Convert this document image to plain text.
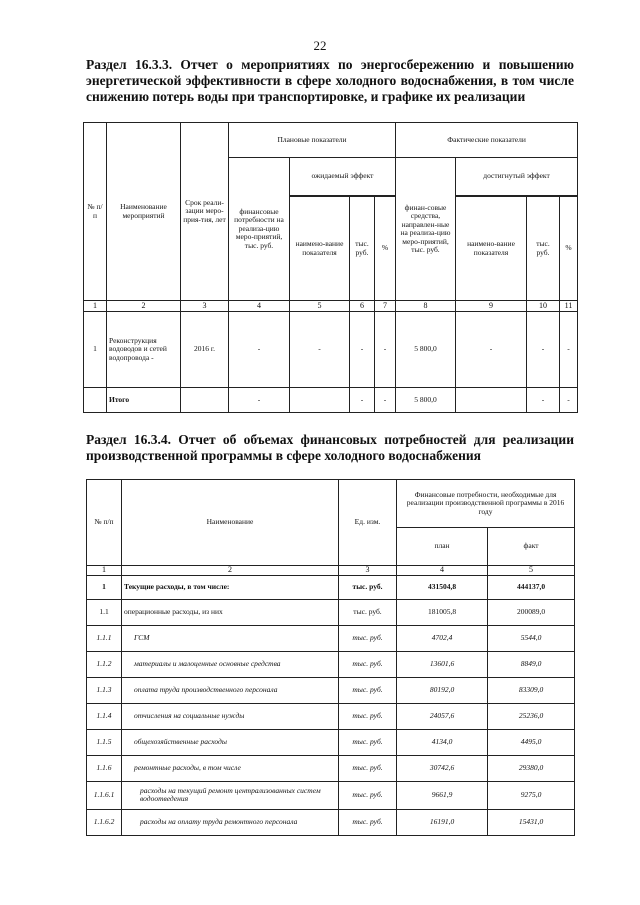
22
Раздел 16.3.3. Отчет о мероприятиях по энергосбережению и повышению энергетической эффективности в сфере холодного водоснабжения, в том числе снижению потерь воды при транспортировке, и графике их реализации
№ п/п	Наименование мероприятий	Срок реали-зации меро-прия-тия, лет	Плановые показатели				Фактические показатели			
			финансовые потребности на реализа-цию меро-приятий, тыс. руб.	ожидаемый эффект			финан-совые средства, направлен-ные на реализа-цию меро-приятий, тыс. руб.	достигнутый эффект		

				наимено-вание показателя	тыс. руб.	%		наимено-вание показателя	тыс. руб.	%
1	2	3	4	5	6	7	8	9	10	11
1	Реконструкция водоводов и сетей водопровода -	2016 г.	-	-	-	-	5 800,0	-	-	-
	Итого		-		-	-	5 800,0		-	-
Раздел 16.3.4. Отчет об объемах финансовых потребностей для реализации производственной программы в сфере холодного водоснабжения
№ п/п	Наименование	Ед. изм.	Финансовые потребности, необходимые для реализации производственной программы в 2016 году	
			план	факт
1	2	3	4	5
1	Текущие расходы, в том числе:	тыс. руб.	431504,8	444137,0
1.1	операционные расходы, из них	тыс. руб.	181005,8	200089,0
1.1.1	ГСМ	тыс. руб.	4702,4	5544,0
1.1.2	материалы и малоценные основные средства	тыс. руб.	13601,6	8849,0
1.1.3	оплата труда производственного персонала	тыс. руб.	80192,0	83309,0
1.1.4	отчисления на социальные нужды	тыс. руб.	24057,6	25236,0
1.1.5	общехозяйственные расходы	тыс. руб.	4134,0	4495,0
1.1.6	ремонтные расходы, в том числе	тыс. руб.	30742,6	29380,0
1.1.6.1	расходы на текущий ремонт централизованных систем водоотведения	тыс. руб.	9661,9	9275,0
1.1.6.2	расходы на оплату труда ремонтного персонала	тыс. руб.	16191,0	15431,0
